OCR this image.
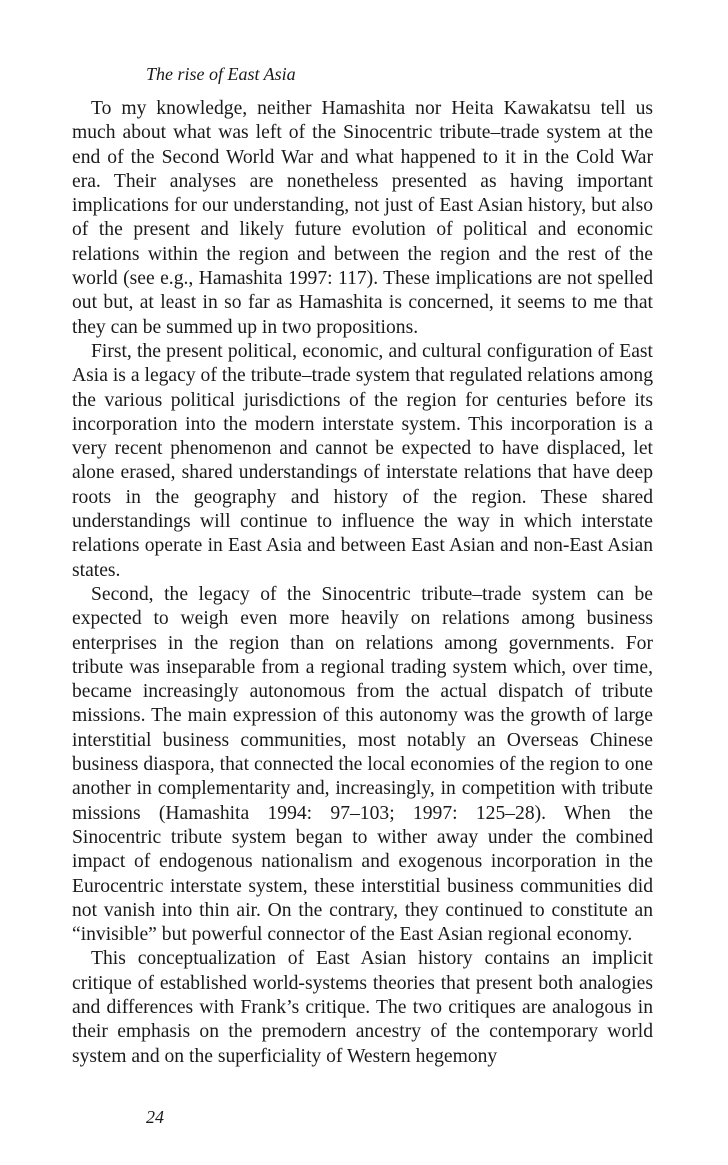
The rise of East Asia

To my knowledge, neither Hamashita nor Heita Kawakatsu tell us much about what was left of the Sinocentric tribute–trade system at the end of the Second World War and what happened to it in the Cold War era. Their analyses are nonetheless presented as having important implications for our understanding, not just of East Asian history, but also of the present and likely future evolution of political and economic relations within the region and between the region and the rest of the world (see e.g., Hamashita 1997: 117). These implications are not spelled out but, at least in so far as Hamashita is concerned, it seems to me that they can be summed up in two propositions.

First, the present political, economic, and cultural configuration of East Asia is a legacy of the tribute–trade system that regulated relations among the various political jurisdictions of the region for centuries before its incorporation into the modern interstate system. This incorporation is a very recent phenomenon and cannot be expected to have displaced, let alone erased, shared understandings of interstate relations that have deep roots in the geography and history of the region. These shared understandings will continue to influence the way in which interstate relations operate in East Asia and between East Asian and non-East Asian states.

Second, the legacy of the Sinocentric tribute–trade system can be expected to weigh even more heavily on relations among business enterprises in the region than on relations among governments. For tribute was inseparable from a regional trading system which, over time, became increasingly autonomous from the actual dispatch of tribute missions. The main expression of this autonomy was the growth of large interstitial business communities, most notably an Overseas Chinese business diaspora, that connected the local economies of the region to one another in complementarity and, increasingly, in competition with tribute missions (Hamashita 1994: 97–103; 1997: 125–28). When the Sinocentric tribute system began to wither away under the combined impact of endogenous nationalism and exogenous incorporation in the Eurocentric interstate system, these interstitial business communities did not vanish into thin air. On the contrary, they continued to constitute an “invisible” but powerful connector of the East Asian regional economy.

This conceptualization of East Asian history contains an implicit critique of established world-systems theories that present both analogies and differences with Frank’s critique. The two critiques are analogous in their emphasis on the premodern ancestry of the contemporary world system and on the superficiality of Western hegemony

24
